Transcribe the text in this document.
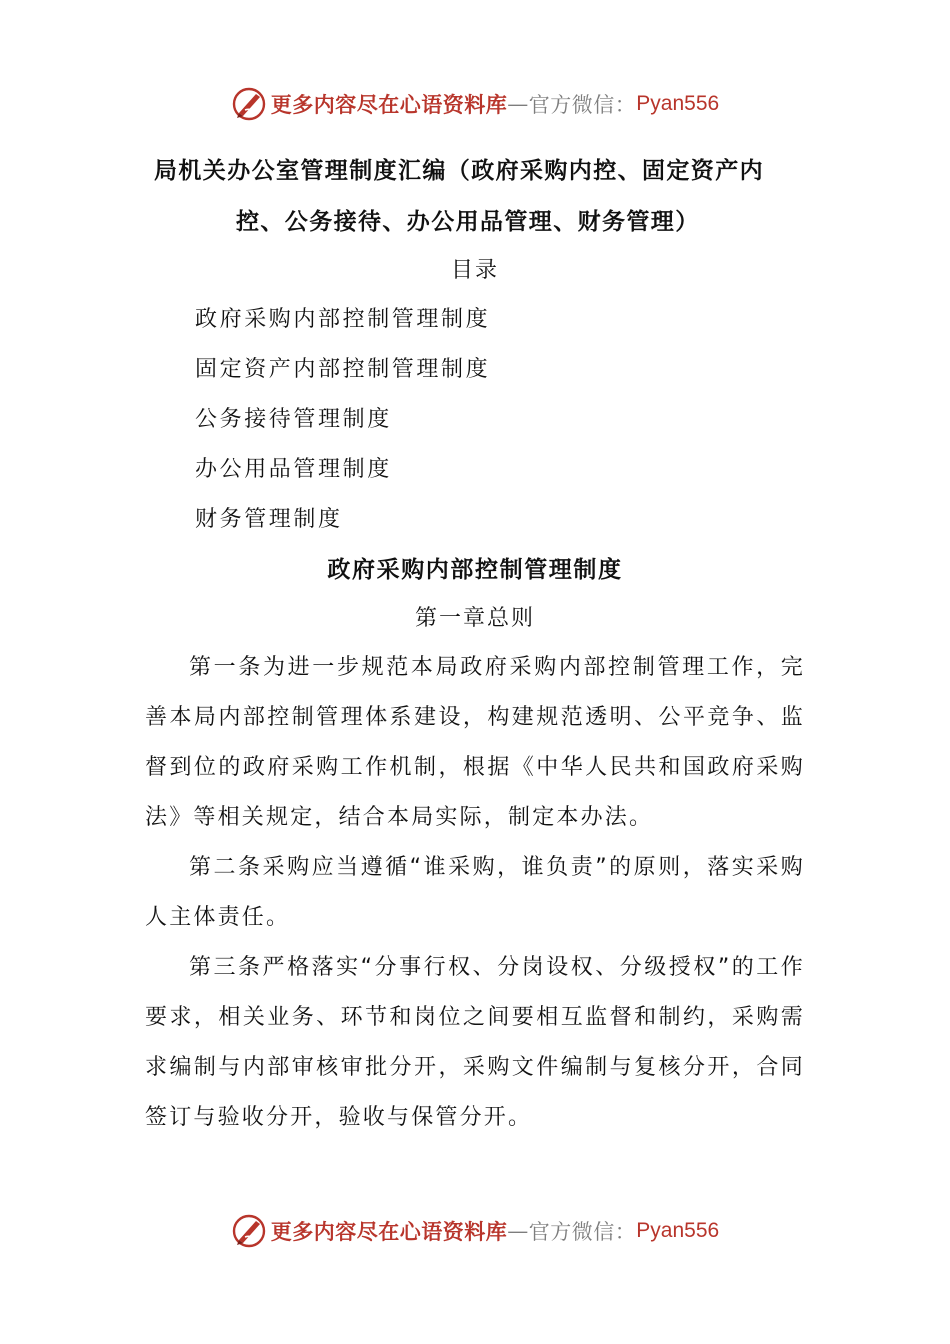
更多内容尽在心语资料库 — 官方微信： Pyan556
局机关办公室管理制度汇编（政府采购内控、固定资产内
控、公务接待、办公用品管理、财务管理）
目录
政府采购内部控制管理制度
固定资产内部控制管理制度
公务接待管理制度
办公用品管理制度
财务管理制度
政府采购内部控制管理制度
第一章总则

第一条为进一步规范本局政府采购内部控制管理工作，完善本局内部控制管理体系建设，构建规范透明、公平竞争、监督到位的政府采购工作机制，根据《中华人民共和国政府采购法》等相关规定，结合本局实际，制定本办法。

第二条采购应当遵循“谁采购，谁负责”的原则，落实采购人主体责任。

第三条严格落实“分事行权、分岗设权、分级授权”的工作要求，相关业务、环节和岗位之间要相互监督和制约，采购需求编制与内部审核审批分开，采购文件编制与复核分开，合同签订与验收分开，验收与保管分开。

更多内容尽在心语资料库 — 官方微信： Pyan556
